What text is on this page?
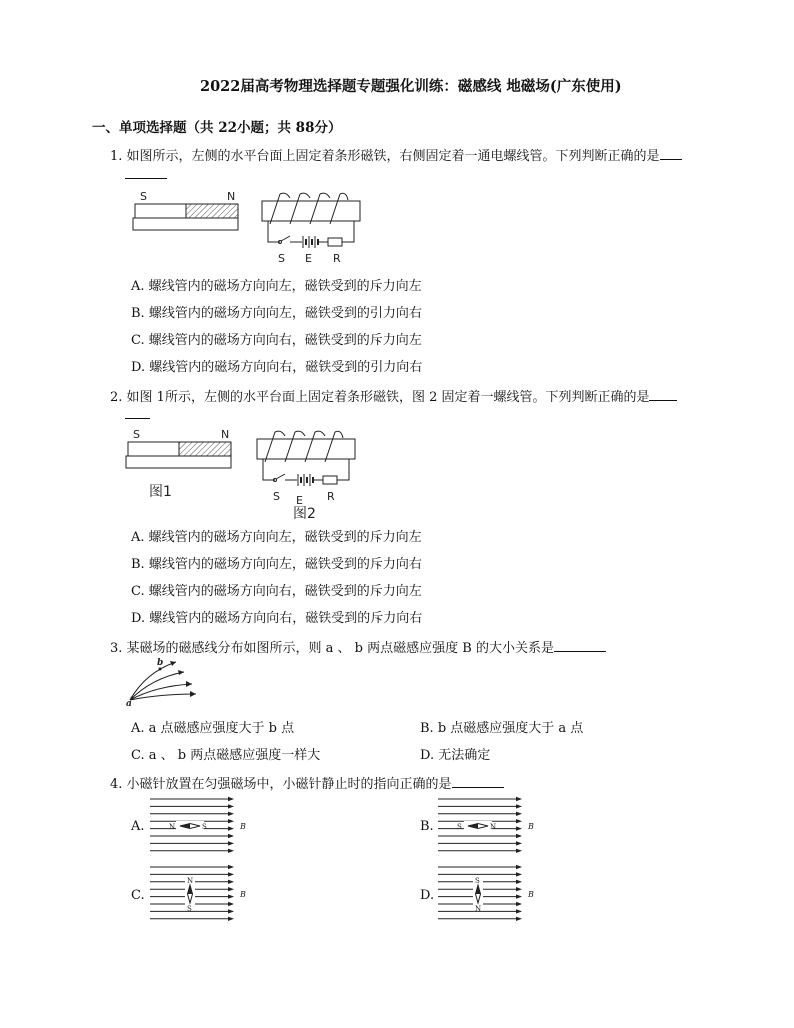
2022届高考物理选择题专题强化训练：磁感线 地磁场(广东使用)
一、单项选择题（共 22小题；共 88分）
1. 如图所示，左侧的水平台面上固定着条形磁铁，右侧固定着一通电螺线管。下列判断正确的是
S	N
S E R
A. 螺线管内的磁场方向向左，磁铁受到的斥力向左
B. 螺线管内的磁场方向向左，磁铁受到的引力向右
C. 螺线管内的磁场方向向右，磁铁受到的斥力向左
D. 螺线管内的磁场方向向右，磁铁受到的引力向右
2. 如图 1所示，左侧的水平台面上固定着条形磁铁，图 2 固定着一螺线管。下列判断正确的是
S	N
S E R
图1
图2
A. 螺线管内的磁场方向向左，磁铁受到的斥力向左
B. 螺线管内的磁场方向向左，磁铁受到的斥力向右
C. 螺线管内的磁场方向向右，磁铁受到的斥力向左
D. 螺线管内的磁场方向向右，磁铁受到的斥力向右
3. 某磁场的磁感线分布如图所示，则 a 、 b 两点磁感应强度 B 的大小关系是
b
a
A. a 点磁感应强度大于 b 点	B. b 点磁感应强度大于 a 点
C. a 、 b 两点磁感应强度一样大	D. 无法确定
4. 小磁针放置在匀强磁场中，小磁针静止时的指向正确的是
A.	B.
C.	D.
B
N	S	B
S	N
B
N
S
B
S
N
